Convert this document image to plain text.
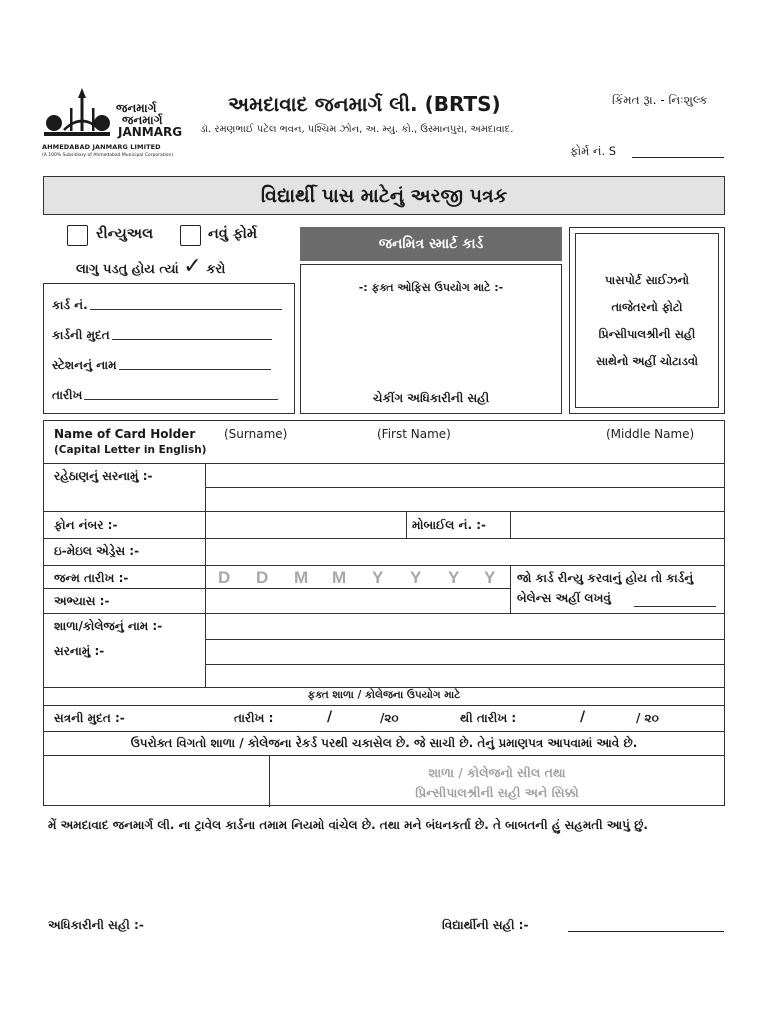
જનમાર્ગ
જનમાર્ગ
JANMARG
AHMEDABAD JANMARG LIMITED
(A 100% Subsidiary of Ahmedabad Municipal Corporation)
અમદાવાદ જનમાર્ગ લી. (BRTS)
ડૉ. રમણભાઈ પટેલ ભવન, પશ્ચિમ ઝોન, અ. મ્યુ. કો., ઉસ્માનપુરા, અમદાવાદ.
કિંમત રૂા. - નિઃશુલ્ક
ફોર્મ નં. S
વિદ્યાર્થી પાસ માટેનું અરજી પત્રક
રીન્યુઅલ	નવું ફોર્મ
લાગુ પડતુ હોય ત્યાં ✓ કરો
કાર્ડ નં.
કાર્ડની મુદત
સ્ટેશનનું નામ
તારીખ
જનમિત્ર સ્માર્ટ કાર્ડ
-: ફક્ત ઓફિસ ઉપયોગ માટે :-
ચેકીંગ અધિકારીની સહી
પાસપોર્ટ સાઈઝનો
તાજેતરનો ફોટો
પ્રિન્સીપાલશ્રીની સહી
સાથેનો અહીં ચોટાડવો
Name of Card Holder
(Capital Letter in English)
(Surname)	(First Name)	(Middle Name)
રહેઠાણનું સરનામું :-
ફોન નંબર :-	મોબાઈલ નં. :-
ઇ-મેઇલ એડ્રેસ :-
જન્મ તારીખ :-	D D M M Y Y Y Y જો કાર્ડ રીન્યુ કરવાનું હોય તો કાર્ડનું
બેલેન્સ અહીં લખવું
અભ્યાસ :-
શાળા/કોલેજનું નામ :-
સરનામું :-
ફક્ત શાળા / કોલેજના ઉપયોગ માટે
સત્રની મુદત :-	તારીખ :	/	/૨૦	થી તારીખ :	/	/ ૨૦
ઉપરોક્ત વિગતો શાળા / કોલેજના રેકર્ડ પરથી ચકાસેલ છે. જે સાચી છે. તેનું પ્રમાણપત્ર આપવામાં આવે છે.
શાળા / કોલેજનો સીલ તથા
પ્રિન્સીપાલશ્રીની સહી અને સિક્કો
મેં અમદાવાદ જનમાર્ગ લી. ના ટ્રાવેલ કાર્ડના તમામ નિયમો વાંચેલ છે. તથા મને બંધનકર્તા છે. તે બાબતની હું સહમતી આપું છું.
અધિકારીની સહી :-	વિદ્યાર્થીની સહી :-
